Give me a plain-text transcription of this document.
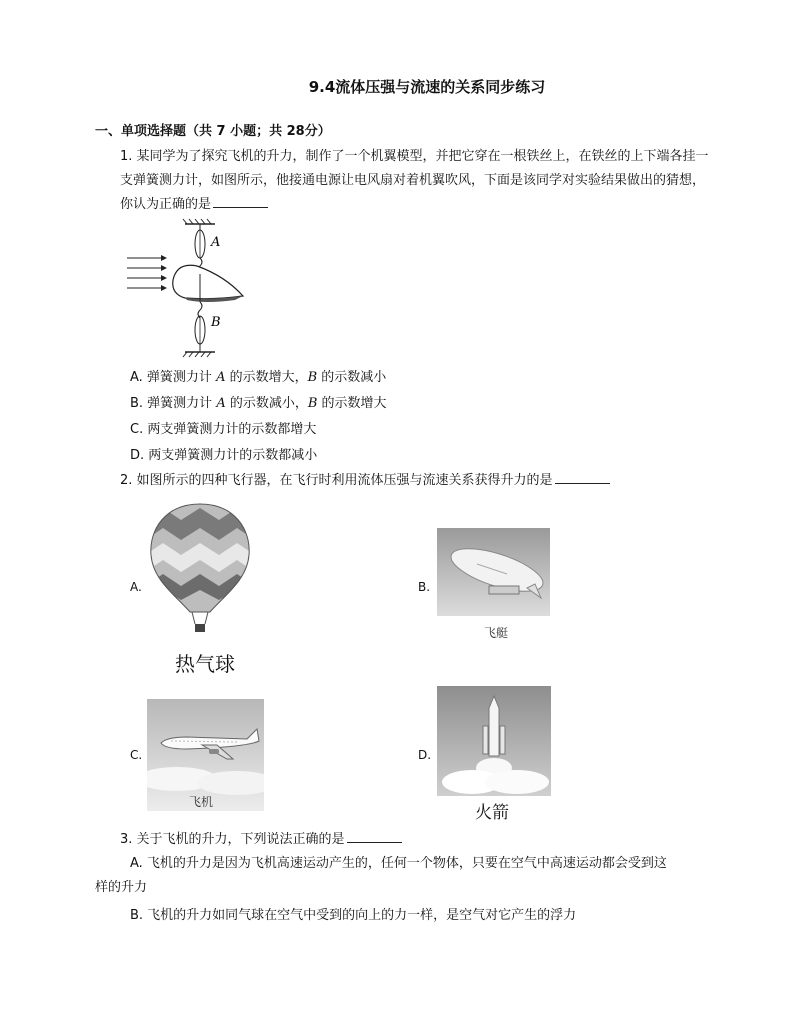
9.4流体压强与流速的关系同步练习
一、单项选择题（共 7 小题；共 28分）
1. 某同学为了探究飞机的升力，制作了一个机翼模型，并把它穿在一根铁丝上，在铁丝的上下端各挂一支弹簧测力计，如图所示，他接通电源让电风扇对着机翼吹风，下面是该同学对实验结果做出的猜想，你认为正确的是
A
B
A. 弹簧测力计 A 的示数增大，B 的示数减小
B. 弹簧测力计 A 的示数减小，B 的示数增大
C. 两支弹簧测力计的示数都增大
D. 两支弹簧测力计的示数都减小
2. 如图所示的四种飞行器，在飞行时利用流体压强与流速关系获得升力的是
A.
热气球
B.
飞艇
C.
飞机
D.
火箭
3. 关于飞机的升力，下列说法正确的是
A. 飞机的升力是因为飞机高速运动产生的，任何一个物体，只要在空气中高速运动都会受到这
样的升力
B. 飞机的升力如同气球在空气中受到的向上的力一样，是空气对它产生的浮力
